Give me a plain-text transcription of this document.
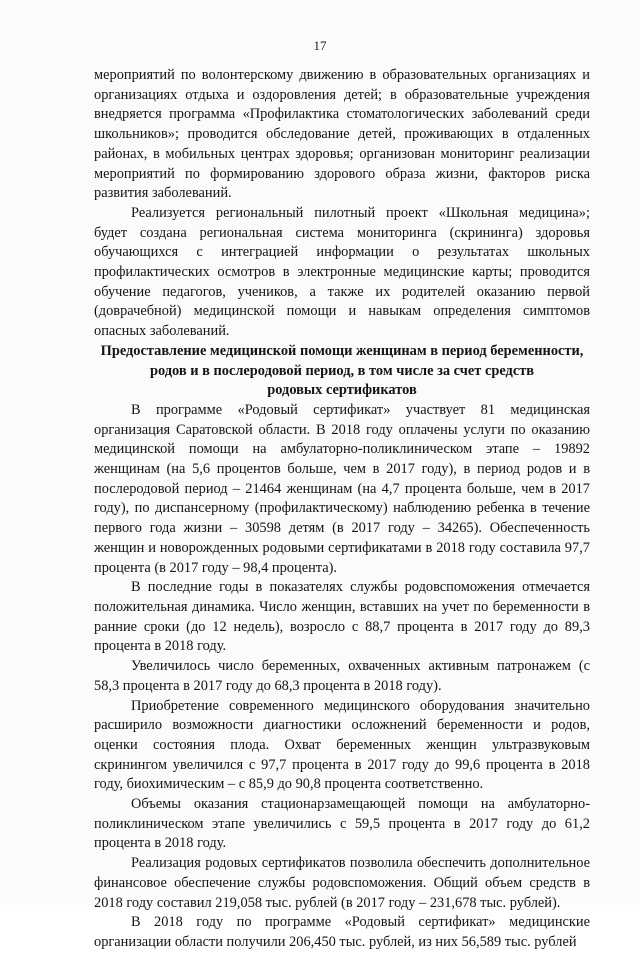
17

мероприятий по волонтерскому движению в образовательных организациях и организациях отдыха и оздоровления детей; в образовательные учреждения внедряется программа «Профилактика стоматологических заболеваний среди школьников»; проводится обследование детей, проживающих в отдаленных районах, в мобильных центрах здоровья; организован мониторинг реализации мероприятий по формированию здорового образа жизни, факторов риска развития заболеваний.

Реализуется региональный пилотный проект «Школьная медицина»; будет создана региональная система мониторинга (скрининга) здоровья обучающихся с интеграцией информации о результатах школьных профилактических осмотров в электронные медицинские карты; проводится обучение педагогов, учеников, а также их родителей оказанию первой (доврачебной) медицинской помощи и навыкам определения симптомов опасных заболеваний.

Предоставление медицинской помощи женщинам в период беременности,
родов и в послеродовой период, в том числе за счет средств
родовых сертификатов

В программе «Родовый сертификат» участвует 81 медицинская организация Саратовской области. В 2018 году оплачены услуги по оказанию медицинской помощи на амбулаторно-поликлиническом этапе – 19892 женщинам (на 5,6 процентов больше, чем в 2017 году), в период родов и в послеродовой период – 21464 женщинам (на 4,7 процента больше, чем в 2017 году), по диспансерному (профилактическому) наблюдению ребенка в течение первого года жизни – 30598 детям (в 2017 году – 34265). Обеспеченность женщин и новорожденных родовыми сертификатами в 2018 году составила 97,7 процента (в 2017 году – 98,4 процента).

В последние годы в показателях службы родовспоможения отмечается положительная динамика. Число женщин, вставших на учет по беременности в ранние сроки (до 12 недель), возросло с 88,7 процента в 2017 году до 89,3 процента в 2018 году.

Увеличилось число беременных, охваченных активным патронажем (с 58,3 процента в 2017 году до 68,3 процента в 2018 году).

Приобретение современного медицинского оборудования значительно расширило возможности диагностики осложнений беременности и родов, оценки состояния плода. Охват беременных женщин ультразвуковым скринингом увеличился с 97,7 процента в 2017 году до 99,6 процента в 2018 году, биохимическим – с 85,9 до 90,8 процента соответственно.

Объемы оказания стационарзамещающей помощи на амбулаторно-поликлиническом этапе увеличились с 59,5 процента в 2017 году до 61,2 процента в 2018 году.

Реализация родовых сертификатов позволила обеспечить дополнительное финансовое обеспечение службы родовспоможения. Общий объем средств в 2018 году составил 219,058 тыс. рублей (в 2017 году – 231,678 тыс. рублей).

В 2018 году по программе «Родовый сертификат» медицинские организации области получили 206,450 тыс. рублей, из них 56,589 тыс. рублей
